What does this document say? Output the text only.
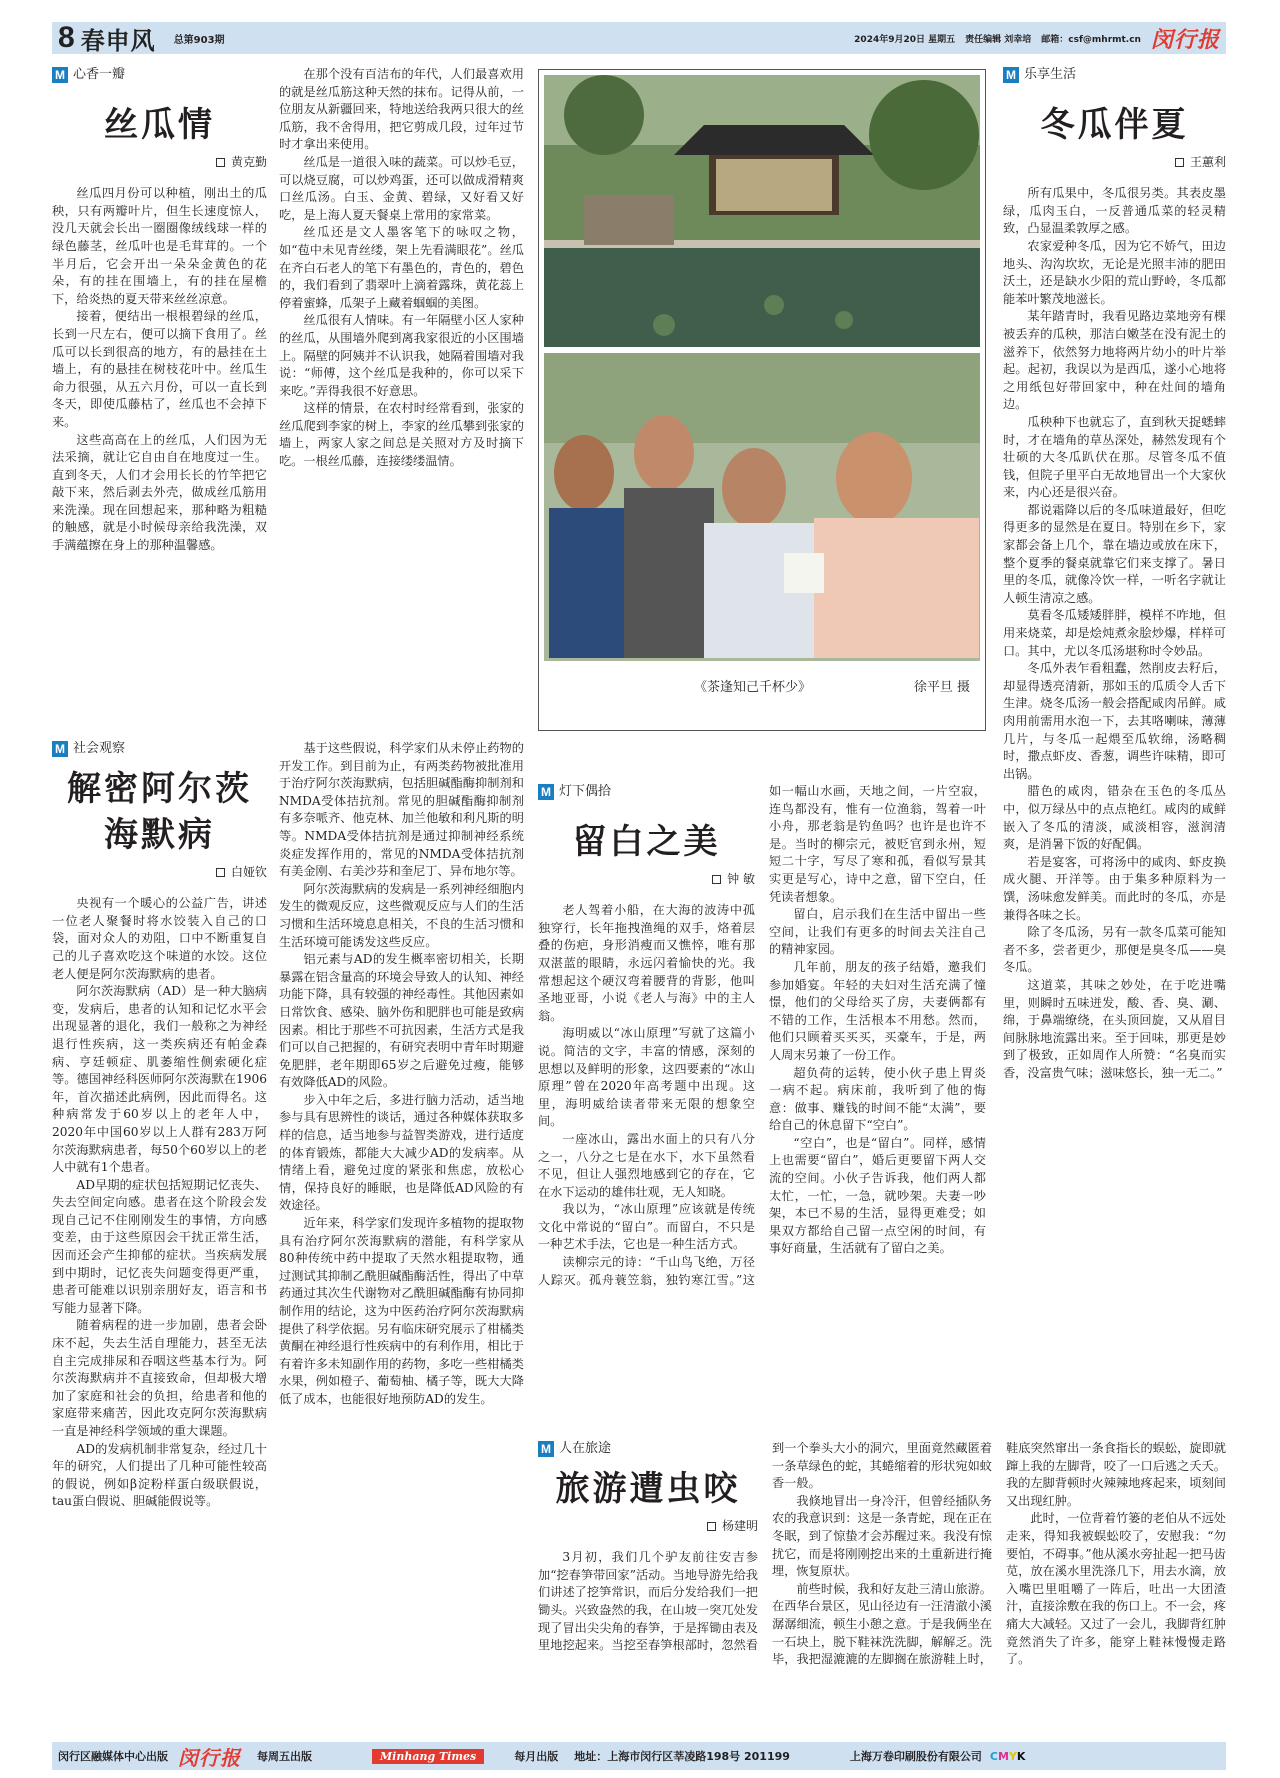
8 春申风 总第903期	2024年9月20日 星期五 责任编辑 刘幸培 邮箱：csf@mhrmt.cn 闵行报
M 心香一瓣
丝瓜情
黄克勤

丝瓜四月份可以种植，刚出土的瓜秧，只有两瓣叶片，但生长速度惊人，没几天就会长出一圈圈像绒线球一样的绿色藤茎，丝瓜叶也是毛茸茸的。一个半月后，它会开出一朵朵金黄色的花朵，有的挂在围墙上，有的挂在屋檐下，给炎热的夏天带来丝丝凉意。

接着，便结出一根根碧绿的丝瓜，长到一尺左右，便可以摘下食用了。丝瓜可以长到很高的地方，有的悬挂在土墙上，有的悬挂在树枝花叶中。丝瓜生命力很强，从五六月份，可以一直长到冬天，即使瓜藤枯了，丝瓜也不会掉下来。

这些高高在上的丝瓜，人们因为无法采摘，就让它自由自在地度过一生。直到冬天，人们才会用长长的竹竿把它敲下来，然后剥去外壳，做成丝瓜筋用来洗澡。现在回想起来，那种略为粗糙的触感，就是小时候母亲给我洗澡，双手满蕴擦在身上的那种温馨感。

在那个没有百洁布的年代，人们最喜欢用的就是丝瓜筋这种天然的抹布。记得从前，一位朋友从新疆回来，特地送给我两只很大的丝瓜筋，我不舍得用，把它剪成几段，过年过节时才拿出来使用。

丝瓜是一道很入味的蔬菜。可以炒毛豆，可以烧豆腐，可以炒鸡蛋，还可以做成滑精爽口丝瓜汤。白玉、金黄、碧绿，又好看又好吃，是上海人夏天餐桌上常用的家常菜。

丝瓜还是文人墨客笔下的咏叹之物，如“苞中未见青丝缕，架上先看满眼花”。丝瓜在齐白石老人的笔下有墨色的，青色的，碧色的，我们看到了翡翠叶上滴着露珠，黄花蕊上停着蜜蜂，瓜架子上藏着蝈蝈的美图。

丝瓜很有人情味。有一年隔壁小区人家种的丝瓜，从围墙外爬到离我家很近的小区围墙上。隔壁的阿姨并不认识我，她隔着围墙对我说：“师傅，这个丝瓜是我种的，你可以采下来吃。”弄得我很不好意思。

这样的情景，在农村时经常看到，张家的丝瓜爬到李家的树上，李家的丝瓜攀到张家的墙上，两家人家之间总是关照对方及时摘下吃。一根丝瓜藤，连接缕缕温情。

《茶逢知己千杯少》	徐平旦 摄
M 乐享生活
冬瓜伴夏
王蕙利

所有瓜果中，冬瓜很另类。其表皮墨绿，瓜肉玉白，一反普通瓜菜的轻灵精致，凸显温柔敦厚之感。

农家爱种冬瓜，因为它不娇气，田边地头、沟沟坎坎，无论是光照丰沛的肥田沃土，还是缺水少阳的荒山野岭，冬瓜都能苯叶繁茂地滋长。

某年踏青时，我看见路边菜地旁有棵被丢弃的瓜秧，那洁白嫩茎在没有泥土的滋养下，依然努力地将两片幼小的叶片举起。起初，我误以为是西瓜，遂小心地将之用纸包好带回家中，种在灶间的墙角边。

瓜秧种下也就忘了，直到秋天捉蟋蟀时，才在墙角的草丛深处，赫然发现有个壮硕的大冬瓜趴伏在那。尽管冬瓜不值钱，但院子里平白无故地冒出一个大家伙来，内心还是很兴奋。

都说霜降以后的冬瓜味道最好，但吃得更多的显然是在夏日。特别在乡下，家家都会备上几个，靠在墙边或放在床下，整个夏季的餐桌就靠它们来支撑了。暑日里的冬瓜，就像冷饮一样，一听名字就让人顿生清凉之感。

莫看冬瓜矮矮胖胖，模样不咋地，但用来烧菜，却是烩炖煮汆脍炒爆，样样可口。其中，尤以冬瓜汤堪称时令妙品。

冬瓜外表乍看粗蠢，然削皮去籽后，却显得透亮清新，那如玉的瓜质令人舌下生津。烧冬瓜汤一般会搭配咸肉吊鲜。咸肉用前需用水泡一下，去其咯喇味，薄薄几片，与冬瓜一起煨至瓜软绵，汤略稠时，撒点虾皮、香葱，调些许味精，即可出锅。

腊色的咸肉，错杂在玉色的冬瓜丛中，似万绿丛中的点点艳红。咸肉的咸鲜嵌入了冬瓜的清淡，咸淡相容，滋润清爽，是消暑下饭的好配偶。

若是宴客，可将汤中的咸肉、虾皮换成火腿、开洋等。由于集多种原料为一馔，汤味愈发鲜美。而此时的冬瓜，亦是兼得各味之长。

除了冬瓜汤，另有一款冬瓜菜可能知者不多，尝者更少，那便是臭冬瓜——臭冬瓜。

这道菜，其味之妙处，在于吃进嘴里，则瞬时五味迸发，酸、香、臭、涮、绵，于鼻端缭绕，在头顶回旋，又从眉目间脉脉地流露出来。至于回味，那更是妙到了极致，正如周作人所赞：“名臭而实香，没富贵气味；滋味悠长，独一无二。”

M 社会观察
解密阿尔茨
海默病
白娅钦

央视有一个暖心的公益广告，讲述一位老人聚餐时将水饺装入自己的口袋，面对众人的劝阻，口中不断重复自己的儿子喜欢吃这个味道的水饺。这位老人便是阿尔茨海默病的患者。

阿尔茨海默病（AD）是一种大脑病变，发病后，患者的认知和记忆水平会出现显著的退化，我们一般称之为神经退行性疾病，这一类疾病还有帕金森病、亨廷顿症、肌萎缩性侧索硬化症等。德国神经科医师阿尔茨海默在1906年，首次描述此病例，因此而得名。这种病常发于60岁以上的老年人中，2020年中国60岁以上人群有283万阿尔茨海默病患者，每50个60岁以上的老人中就有1个患者。

AD早期的症状包括短期记忆丧失、失去空间定向感。患者在这个阶段会发现自己记不住刚刚发生的事情，方向感变差，由于这些原因会干扰正常生活，因而还会产生抑郁的症状。当疾病发展到中期时，记忆丧失问题变得更严重，患者可能难以识别亲朋好友，语言和书写能力显著下降。

随着病程的进一步加剧，患者会卧床不起，失去生活自理能力，甚至无法自主完成排尿和吞咽这些基本行为。阿尔茨海默病并不直接致命，但却极大增加了家庭和社会的负担，给患者和他的家庭带来痛苦，因此攻克阿尔茨海默病一直是神经科学领域的重大课题。

AD的发病机制非常复杂，经过几十年的研究，人们提出了几种可能性较高的假说，例如β淀粉样蛋白级联假说，tau蛋白假说、胆碱能假说等。

基于这些假说，科学家们从未停止药物的开发工作。到目前为止，有两类药物被批准用于治疗阿尔茨海默病，包括胆碱酯酶抑制剂和NMDA受体拮抗剂。常见的胆碱酯酶抑制剂有多奈哌齐、他克林、加兰他敏和利凡斯的明等。NMDA受体拮抗剂是通过抑制神经系统炎症发挥作用的，常见的NMDA受体拮抗剂有美金刚、右美沙芬和奎尼丁、异布地尔等。

阿尔茨海默病的发病是一系列神经细胞内发生的微观反应，这些微观反应与人们的生活习惯和生活环境息息相关，不良的生活习惯和生活环境可能诱发这些反应。

铝元素与AD的发生概率密切相关，长期暴露在铝含量高的环境会导致人的认知、神经功能下降，具有较强的神经毒性。其他因素如日常饮食、感染、脑外伤和肥胖也可能是致病因素。相比于那些不可抗因素，生活方式是我们可以自己把握的，有研究表明中青年时期避免肥胖，老年期即65岁之后避免过瘦，能够有效降低AD的风险。

步入中年之后，多进行脑力活动，适当地参与具有思辨性的谈话，通过各种媒体获取多样的信息，适当地参与益智类游戏，进行适度的体育锻炼，都能大大减少AD的发病率。从情绪上看，避免过度的紧张和焦虑，放松心情，保持良好的睡眠，也是降低AD风险的有效途径。

近年来，科学家们发现许多植物的提取物具有治疗阿尔茨海默病的潜能，有科学家从80种传统中药中提取了天然水粗提取物，通过测试其抑制乙酰胆碱酯酶活性，得出了中草药通过其次生代谢物对乙酰胆碱酯酶有协同抑制作用的结论，这为中医药治疗阿尔茨海默病提供了科学依据。另有临床研究展示了柑橘类黄酮在神经退行性疾病中的有利作用，相比于有着许多未知副作用的药物，多吃一些柑橘类水果，例如橙子、葡萄柚、橘子等，既大大降低了成本，也能很好地预防AD的发生。

M 灯下偶拾
留白之美
钟 敏

老人驾着小船，在大海的波涛中孤独穿行，长年拖拽渔绳的双手，烙着层叠的伤疤，身形消瘦而又憔悴，唯有那双湛蓝的眼睛，永远闪着愉快的光。我常想起这个硬汉弯着腰背的背影，他叫圣地亚哥，小说《老人与海》中的主人翁。

海明威以“冰山原理”写就了这篇小说。简洁的文字，丰富的情感，深刻的思想以及鲜明的形象，这四要素的“冰山原理”曾在2020年高考题中出现。这里，海明威给读者带来无限的想象空间。

一座冰山，露出水面上的只有八分之一，八分之七是在水下，水下虽然看不见，但让人强烈地感到它的存在，它在水下运动的雄伟壮观，无人知晓。

我以为，“冰山原理”应该就是传统文化中常说的“留白”。而留白，不只是一种艺术手法，它也是一种生活方式。

读柳宗元的诗：“千山鸟飞绝，万径人踪灭。孤舟蓑笠翁，独钓寒江雪。”这如一幅山水画，天地之间，一片空寂，连鸟都没有，惟有一位渔翁，驾着一叶小舟，那老翁是钓鱼吗？也许是也许不是。当时的柳宗元，被贬官到永州，短短二十字，写尽了寒和孤，看似写景其实更是写心，诗中之意，留下空白，任凭读者想象。

留白，启示我们在生活中留出一些空间，让我们有更多的时间去关注自己的精神家园。

几年前，朋友的孩子结婚，邀我们参加婚宴。年轻的夫妇对生活充满了憧憬，他们的父母给买了房，夫妻俩都有不错的工作，生活根本不用愁。然而，他们只顾着买买买，买豪车，于是，两人周末另兼了一份工作。

超负荷的运转，使小伙子患上胃炎一病不起。病床前，我听到了他的悔意：做事、赚钱的时间不能“太满”，要给自己的休息留下“空白”。

“空白”，也是“留白”。同样，感情上也需要“留白”，婚后更要留下两人交流的空间。小伙子告诉我，他们两人都太忙，一忙，一急，就吵架。夫妻一吵架，本已不易的生活，显得更难受；如果双方都给自己留一点空闲的时间，有事好商量，生活就有了留白之美。

M 人在旅途
旅游遭虫咬
杨建明

3月初，我们几个驴友前往安吉参加“挖春笋带回家”活动。当地导游先给我们讲述了挖笋常识，而后分发给我们一把锄头。兴致盎然的我，在山坡一突兀处发现了冒出尖尖角的春笋，于是挥锄由表及里地挖起来。当挖至春笋根部时，忽然看到一个拳头大小的洞穴，里面竟然藏匿着一条草绿色的蛇，其蜷缩着的形状宛如蚊香一般。

我倏地冒出一身冷汗，但曾经插队务农的我意识到：这是一条青蛇，现在正在冬眠，到了惊蛰才会苏醒过来。我没有惊扰它，而是将刚刚挖出来的土重新进行掩埋，恢复原状。

前些时候，我和好友赴三清山旅游。在西华台景区，见山径边有一汪清澈小溪潺潺细流，顿生小憩之意。于是我俩坐在一石块上，脱下鞋袜洗洗脚，解解乏。洗毕，我把湿漉漉的左脚搁在旅游鞋上时，鞋底突然窜出一条食指长的蜈蚣，旋即就蹿上我的左脚背，咬了一口后逃之夭夭。我的左脚背顿时火辣辣地疼起来，顷刻间又出现红肿。

此时，一位背着竹篓的老伯从不远处走来，得知我被蜈蚣咬了，安慰我：“勿要怕，不碍事。”他从溪水旁扯起一把马齿苋，放在溪水里洗涤几下，用去水滴，放入嘴巴里咀嚼了一阵后，吐出一大团渣汁，直接涂敷在我的伤口上。不一会，疼痛大大减轻。又过了一会儿，我脚背红肿竟然消失了许多，能穿上鞋袜慢慢走路了。

闵行区融媒体中心出版 闵行报 每周五出版	Minhang Times	每月出版 地址：上海市闵行区莘凌路198号 201199	上海万卷印刷股份有限公司 CMYK
